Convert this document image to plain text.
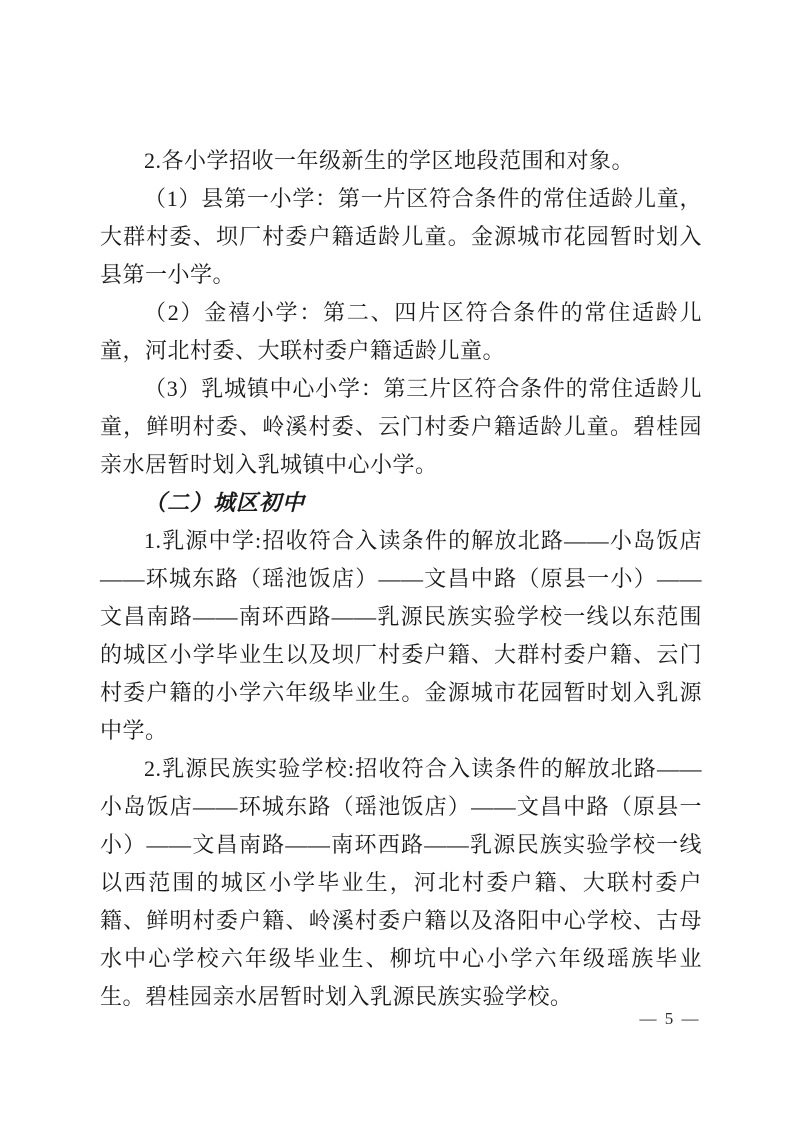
2.各小学招收一年级新生的学区地段范围和对象。

（1）县第一小学：第一片区符合条件的常住适龄儿童，大群村委、坝厂村委户籍适龄儿童。金源城市花园暂时划入县第一小学。

（2）金禧小学：第二、四片区符合条件的常住适龄儿童，河北村委、大联村委户籍适龄儿童。

（3）乳城镇中心小学：第三片区符合条件的常住适龄儿童，鲜明村委、岭溪村委、云门村委户籍适龄儿童。碧桂园亲水居暂时划入乳城镇中心小学。

（二）城区初中

1.乳源中学:招收符合入读条件的解放北路——小岛饭店——环城东路（瑶池饭店）——文昌中路（原县一小）——文昌南路——南环西路——乳源民族实验学校一线以东范围的城区小学毕业生以及坝厂村委户籍、大群村委户籍、云门村委户籍的小学六年级毕业生。金源城市花园暂时划入乳源中学。

2.乳源民族实验学校:招收符合入读条件的解放北路——小岛饭店——环城东路（瑶池饭店）——文昌中路（原县一小）——文昌南路——南环西路——乳源民族实验学校一线以西范围的城区小学毕业生，河北村委户籍、大联村委户籍、鲜明村委户籍、岭溪村委户籍以及洛阳中心学校、古母水中心学校六年级毕业生、柳坑中心小学六年级瑶族毕业生。碧桂园亲水居暂时划入乳源民族实验学校。

— 5 —
